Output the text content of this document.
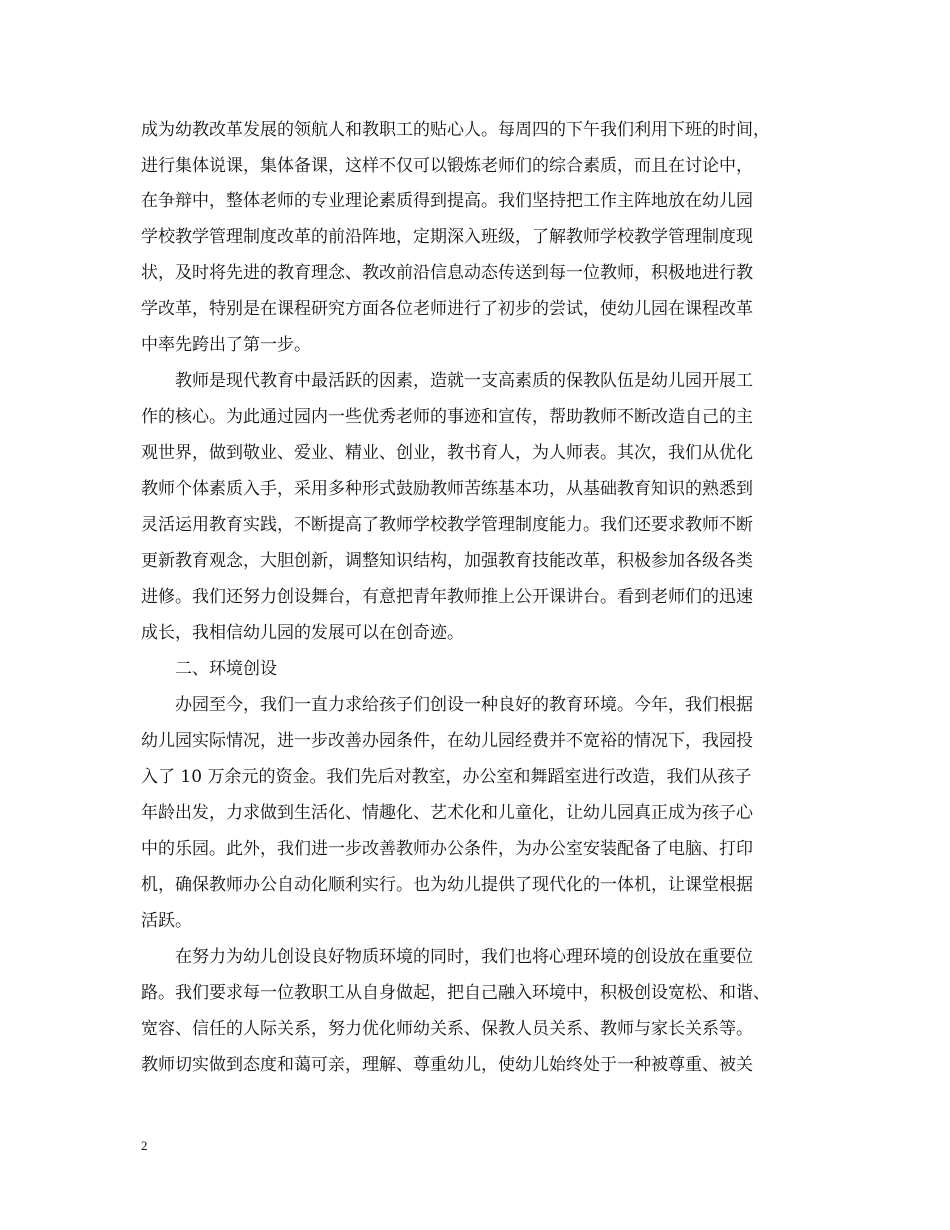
成为幼教改革发展的领航人和教职工的贴心人。每周四的下午我们利用下班的时间，
进行集体说课，集体备课，这样不仅可以锻炼老师们的综合素质，而且在讨论中，
在争辩中，整体老师的专业理论素质得到提高。我们坚持把工作主阵地放在幼儿园
学校教学管理制度改革的前沿阵地，定期深入班级，了解教师学校教学管理制度现
状，及时将先进的教育理念、教改前沿信息动态传送到每一位教师，积极地进行教
学改革，特别是在课程研究方面各位老师进行了初步的尝试，使幼儿园在课程改革
中率先跨出了第一步。
教师是现代教育中最活跃的因素，造就一支高素质的保教队伍是幼儿园开展工
作的核心。为此通过园内一些优秀老师的事迹和宣传，帮助教师不断改造自己的主
观世界，做到敬业、爱业、精业、创业，教书育人，为人师表。其次，我们从优化
教师个体素质入手，采用多种形式鼓励教师苦练基本功，从基础教育知识的熟悉到
灵活运用教育实践，不断提高了教师学校教学管理制度能力。我们还要求教师不断
更新教育观念，大胆创新，调整知识结构，加强教育技能改革，积极参加各级各类
进修。我们还努力创设舞台，有意把青年教师推上公开课讲台。看到老师们的迅速
成长，我相信幼儿园的发展可以在创奇迹。
二、环境创设
办园至今，我们一直力求给孩子们创设一种良好的教育环境。今年，我们根据
幼儿园实际情况，进一步改善办园条件，在幼儿园经费并不宽裕的情况下，我园投
入了 10 万余元的资金。我们先后对教室，办公室和舞蹈室进行改造，我们从孩子
年龄出发，力求做到生活化、情趣化、艺术化和儿童化，让幼儿园真正成为孩子心
中的乐园。此外，我们进一步改善教师办公条件，为办公室安装配备了电脑、打印
机，确保教师办公自动化顺利实行。也为幼儿提供了现代化的一体机，让课堂根据
活跃。
在努力为幼儿创设良好物质环境的同时，我们也将心理环境的创设放在重要位
路。我们要求每一位教职工从自身做起，把自己融入环境中，积极创设宽松、和谐、
宽容、信任的人际关系，努力优化师幼关系、保教人员关系、教师与家长关系等。
教师切实做到态度和蔼可亲，理解、尊重幼儿，使幼儿始终处于一种被尊重、被关
2
